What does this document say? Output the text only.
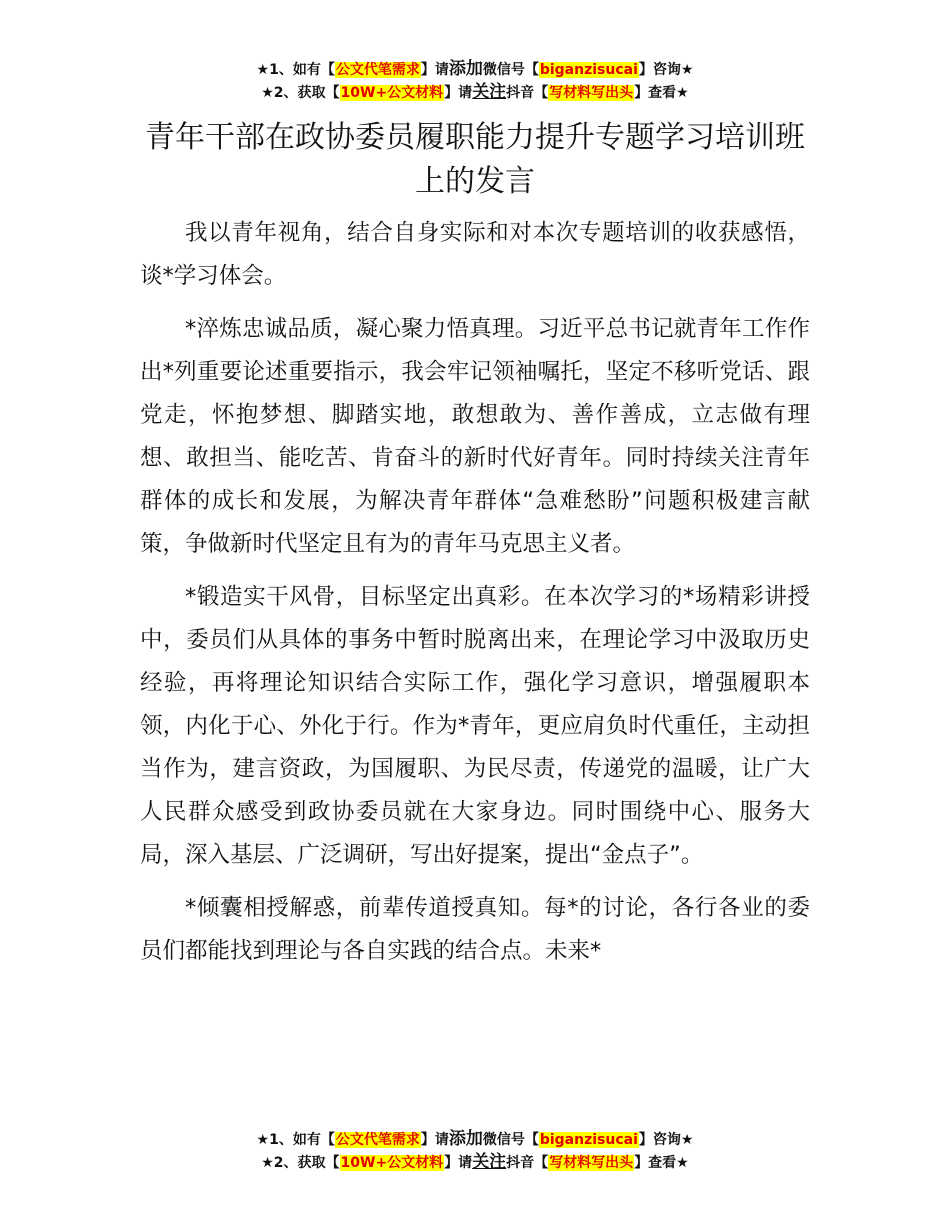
★1、如有【公文代笔需求】请添加微信号【biganzisucai】咨询★
★2、获取【10W+公文材料】请关注抖音【写材料写出头】查看★
青年干部在政协委员履职能力提升专题学习培训班上的发言

我以青年视角，结合自身实际和对本次专题培训的收获感悟，谈*学习体会。

*淬炼忠诚品质，凝心聚力悟真理。习近平总书记就青年工作作出*列重要论述重要指示，我会牢记领袖嘱托，坚定不移听党话、跟党走，怀抱梦想、脚踏实地，敢想敢为、善作善成，立志做有理想、敢担当、能吃苦、肯奋斗的新时代好青年。同时持续关注青年群体的成长和发展，为解决青年群体“急难愁盼”问题积极建言献策，争做新时代坚定且有为的青年马克思主义者。

*锻造实干风骨，目标坚定出真彩。在本次学习的*场精彩讲授中，委员们从具体的事务中暂时脱离出来，在理论学习中汲取历史经验，再将理论知识结合实际工作，强化学习意识，增强履职本领，内化于心、外化于行。作为*青年，更应肩负时代重任，主动担当作为，建言资政，为国履职、为民尽责，传递党的温暖，让广大人民群众感受到政协委员就在大家身边。同时围绕中心、服务大局，深入基层、广泛调研，写出好提案，提出“金点子”。

*倾囊相授解惑，前辈传道授真知。每*的讨论，各行各业的委员们都能找到理论与各自实践的结合点。未来*

★1、如有【公文代笔需求】请添加微信号【biganzisucai】咨询★
★2、获取【10W+公文材料】请关注抖音【写材料写出头】查看★
